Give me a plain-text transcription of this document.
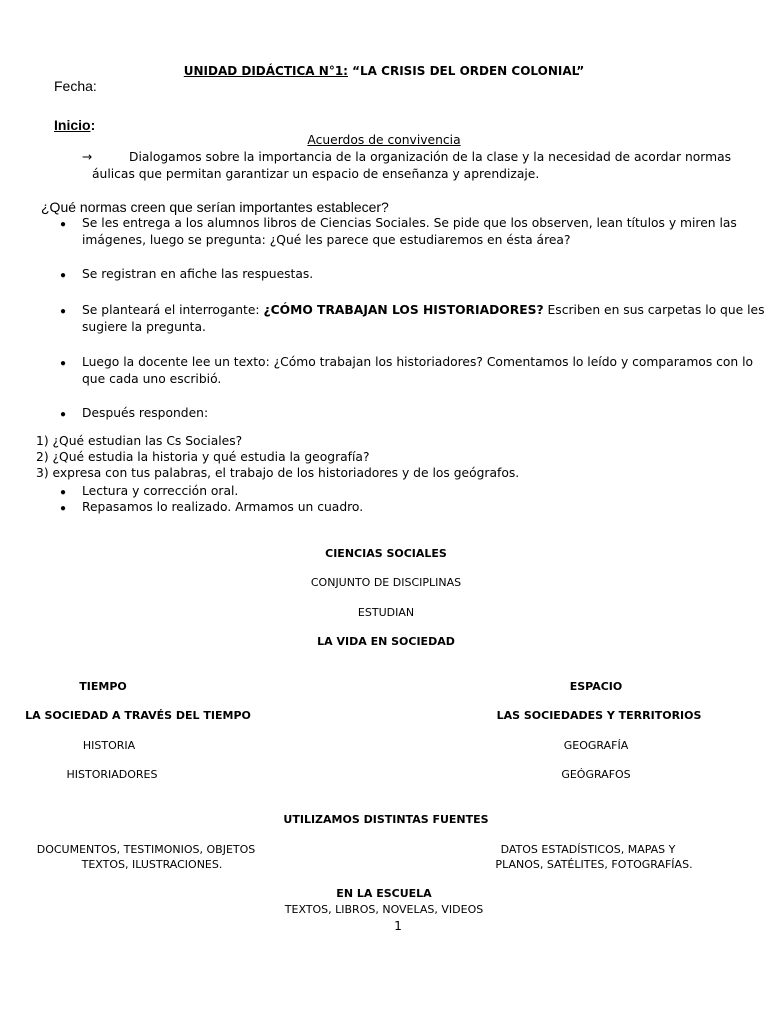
UNIDAD DIDÁCTICA N°1: “LA CRISIS DEL ORDEN COLONIAL”
Fecha:
Inicio:
Acuerdos de convivencia
→	Dialogamos sobre la importancia de la organización de la clase y la necesidad de acordar normas
áulicas que permitan garantizar un espacio de enseñanza y aprendizaje.
¿Qué normas creen que serían importantes establecer?
● Se les entrega a los alumnos libros de Ciencias Sociales. Se pide que los observen, lean títulos y miren las
imágenes, luego se pregunta: ¿Qué les parece que estudiaremos en ésta área?
● Se registran en afiche las respuestas.
● Se planteará el interrogante: ¿CÓMO TRABAJAN LOS HISTORIADORES? Escriben en sus carpetas lo que les
sugiere la pregunta.
● Luego la docente lee un texto: ¿Cómo trabajan los historiadores? Comentamos lo leído y comparamos con lo
que cada uno escribió.
● Después responden:
1) ¿Qué estudian las Cs Sociales?
2) ¿Qué estudia la historia y qué estudia la geografía?
3) expresa con tus palabras, el trabajo de los historiadores y de los geógrafos.
● Lectura y corrección oral.
● Repasamos lo realizado. Armamos un cuadro.
CIENCIAS SOCIALES
CONJUNTO DE DISCIPLINAS
ESTUDIAN
LA VIDA EN SOCIEDAD
TIEMPO	ESPACIO
LA SOCIEDAD A TRAVÉS DEL TIEMPO	LAS SOCIEDADES Y TERRITORIOS
HISTORIA	GEOGRAFÍA
HISTORIADORES	GEÓGRAFOS
UTILIZAMOS DISTINTAS FUENTES
DOCUMENTOS, TESTIMONIOS, OBJETOS
TEXTOS, ILUSTRACIONES.
DATOS ESTADÍSTICOS, MAPAS Y
PLANOS, SATÉLITES, FOTOGRAFÍAS.
EN LA ESCUELA
TEXTOS, LIBROS, NOVELAS, VIDEOS
1
